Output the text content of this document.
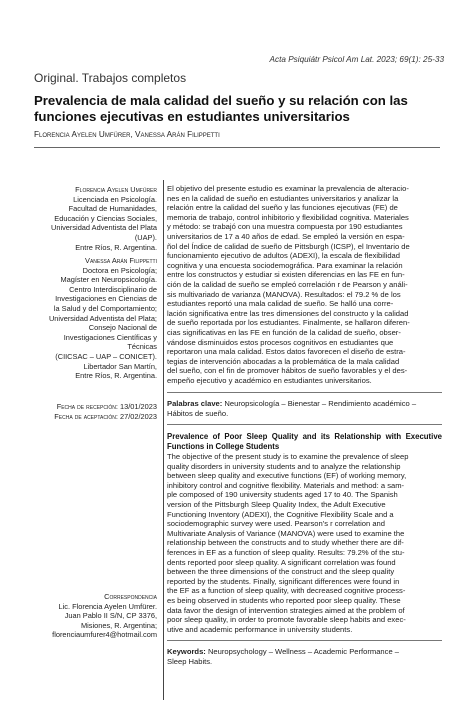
Acta Psiquiátr Psicol Am Lat. 2023; 69(1): 25-33
Original. Trabajos completos
Prevalencia de mala calidad del sueño y su relación con las funciones ejecutivas en estudiantes universitarios
Florencia Ayelen Umfürer, Vanessa Arán Filippetti
Florencia Ayelen Umfürer
Licenciada en Psicología.
Facultad de Humanidades,
Educación y Ciencias Sociales,
Universidad Adventista del Plata
(UAP).
Entre Ríos, R. Argentina.
Vanessa Arán Filippetti
Doctora en Psicología;
Magíster en Neuropsicología.
Centro Interdisciplinario de
Investigaciones en Ciencias de
la Salud y del Comportamiento;
Universidad Adventista del Plata;
Consejo Nacional de
Investigaciones Científicas y
Técnicas
(CIICSAC – UAP – CONICET).
Libertador San Martín,
Entre Ríos, R. Argentina.
Fecha de recepción: 13/01/2023
Fecha de aceptación: 27/02/2023
Correspondencia
Lic. Florencia Ayelen Umfürer.
Juan Pablo II S/N, CP 3376,
Misiones, R. Argentina;
florenciaumfurer4@hotmail.com

El objetivo del presente estudio es examinar la prevalencia de alteracio-
nes en la calidad de sueño en estudiantes universitarios y analizar la
relación entre la calidad del sueño y las funciones ejecutivas (FE) de
memoria de trabajo, control inhibitorio y flexibilidad cognitiva. Materiales
y método: se trabajó con una muestra compuesta por 190 estudiantes
universitarios de 17 a 40 años de edad. Se empleó la versión en espa-
ñol del Índice de calidad de sueño de Pittsburgh (ICSP), el Inventario de
funcionamiento ejecutivo de adultos (ADEXI), la escala de flexibilidad
cognitiva y una encuesta sociodemográfica. Para examinar la relación
entre los constructos y estudiar si existen diferencias en las FE en fun-
ción de la calidad de sueño se empleó correlación r de Pearson y análi-
sis multivariado de varianza (MANOVA). Resultados: el 79.2 % de los
estudiantes reportó una mala calidad de sueño. Se halló una corre-
lación significativa entre las tres dimensiones del constructo y la calidad
de sueño reportada por los estudiantes. Finalmente, se hallaron diferen-
cias significativas en las FE en función de la calidad de sueño, obser-
vándose disminuidos estos procesos cognitivos en estudiantes que
reportaron una mala calidad. Estos datos favorecen el diseño de estra-
tegias de intervención abocadas a la problemática de la mala calidad
del sueño, con el fin de promover hábitos de sueño favorables y el des-
empeño ejecutivo y académico en estudiantes universitarios.

Palabras clave: Neuropsicología – Bienestar – Rendimiento académico –
Hábitos de sueño.

Prevalence of Poor Sleep Quality and its Relationship with Executive Functions in College Students

The objective of the present study is to examine the prevalence of sleep
quality disorders in university students and to analyze the relationship
between sleep quality and executive functions (EF) of working memory,
inhibitory control and cognitive flexibility. Materials and method: a sam-
ple composed of 190 university students aged 17 to 40. The Spanish
version of the Pittsburgh Sleep Quality Index, the Adult Executive
Functioning Inventory (ADEXI), the Cognitive Flexibility Scale and a
sociodemographic survey were used. Pearson's r correlation and
Multivariate Analysis of Variance (MANOVA) were used to examine the
relationship between the constructs and to study whether there are dif-
ferences in EF as a function of sleep quality. Results: 79.2% of the stu-
dents reported poor sleep quality. A significant correlation was found
between the three dimensions of the construct and the sleep quality
reported by the students. Finally, significant differences were found in
the EF as a function of sleep quality, with decreased cognitive process-
es being observed in students who reported poor sleep quality. These
data favor the design of intervention strategies aimed at the problem of
poor sleep quality, in order to promote favorable sleep habits and exec-
utive and academic performance in university students.

Keywords: Neuropsychology – Wellness – Academic Performance –
Sleep Habits.
